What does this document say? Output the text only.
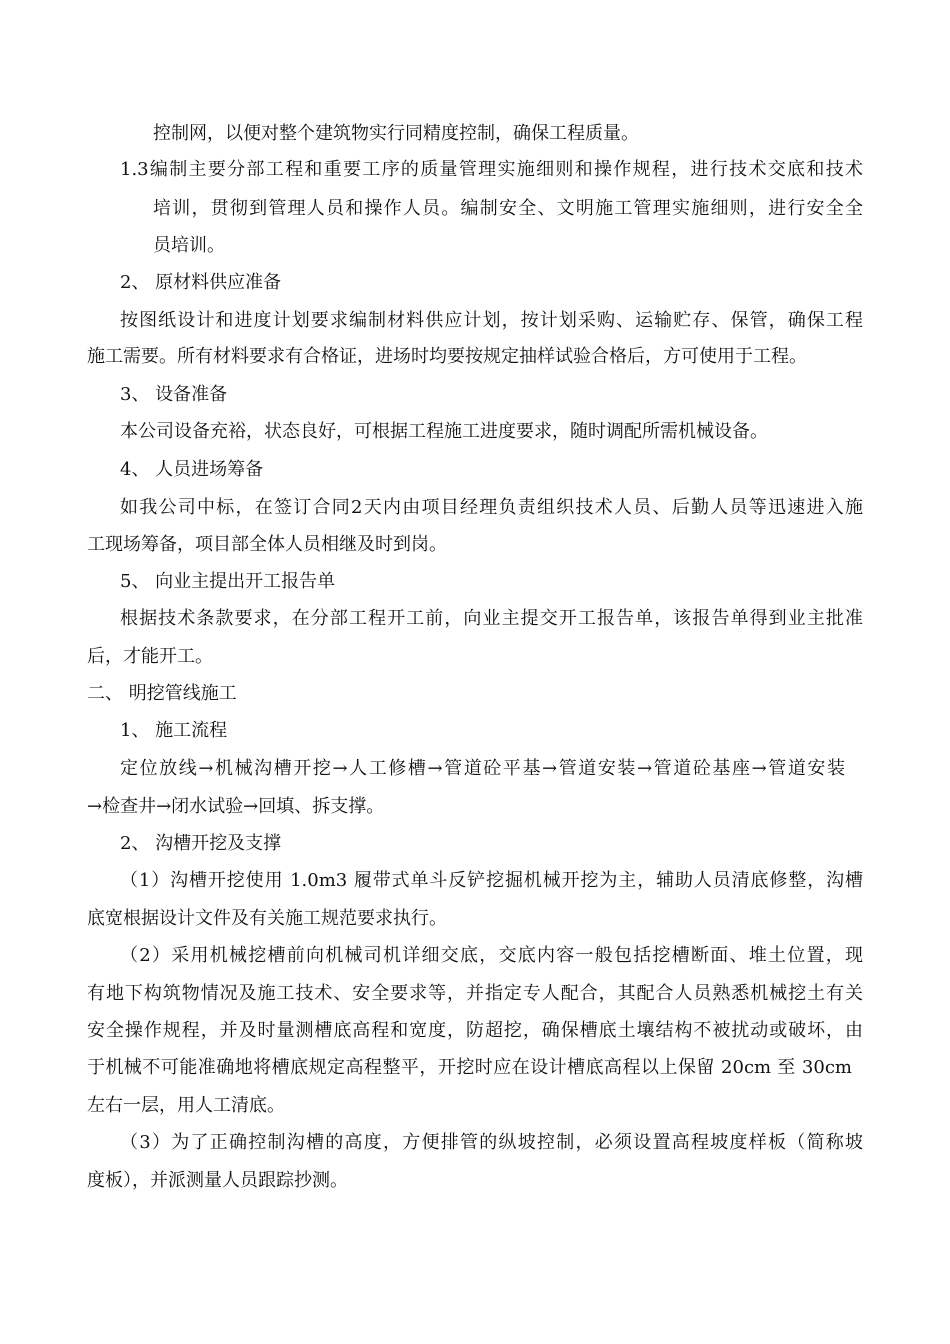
控制网，以便对整个建筑物实行同精度控制，确保工程质量。
1.3编制主要分部工程和重要工序的质量管理实施细则和操作规程，进行技术交底和技术
培训，贯彻到管理人员和操作人员。编制安全、文明施工管理实施细则，进行安全全
员培训。
2、 原材料供应准备
按图纸设计和进度计划要求编制材料供应计划，按计划采购、运输贮存、保管，确保工程
施工需要。所有材料要求有合格证，进场时均要按规定抽样试验合格后，方可使用于工程。
3、 设备准备
本公司设备充裕，状态良好，可根据工程施工进度要求，随时调配所需机械设备。
4、 人员进场筹备
如我公司中标，在签订合同2天内由项目经理负责组织技术人员、后勤人员等迅速进入施
工现场筹备，项目部全体人员相继及时到岗。
5、 向业主提出开工报告单
根据技术条款要求，在分部工程开工前，向业主提交开工报告单，该报告单得到业主批准
后，才能开工。
二、 明挖管线施工
1、 施工流程
定位放线→机械沟槽开挖→人工修槽→管道砼平基→管道安装→管道砼基座→管道安装
→检查井→闭水试验→回填、拆支撑。
2、 沟槽开挖及支撑
（1）沟槽开挖使用 1.0m3 履带式单斗反铲挖掘机械开挖为主，辅助人员清底修整，沟槽
底宽根据设计文件及有关施工规范要求执行。
（2）采用机械挖槽前向机械司机详细交底，交底内容一般包括挖槽断面、堆土位置，现
有地下构筑物情况及施工技术、安全要求等，并指定专人配合，其配合人员熟悉机械挖土有关
安全操作规程，并及时量测槽底高程和宽度，防超挖，确保槽底土壤结构不被扰动或破坏，由
于机械不可能准确地将槽底规定高程整平，开挖时应在设计槽底高程以上保留 20cm 至 30cm
左右一层，用人工清底。
（3）为了正确控制沟槽的高度，方便排管的纵坡控制，必须设置高程坡度样板（简称坡
度板），并派测量人员跟踪抄测。
